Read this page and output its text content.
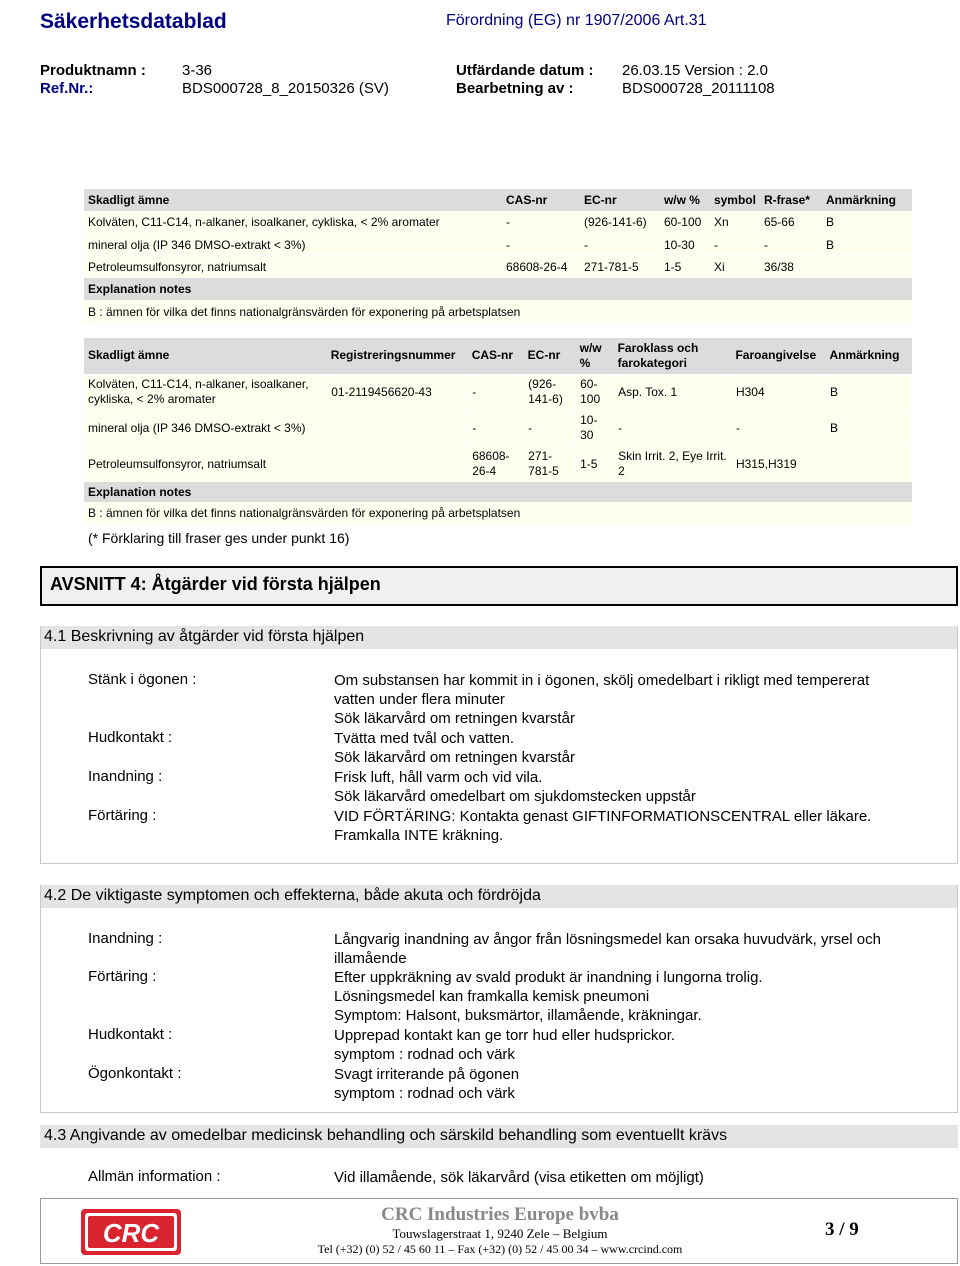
Säkerhetsdatablad	Förordning (EG) nr 1907/2006 Art.31
Produktnamn : 3-36	Utfärdande datum : 26.03.15 Version : 2.0
Ref.Nr.:	BDS000728_8_20150326 (SV)	Bearbetning av :	BDS000728_20111108
Skadligt ämne	CAS-nr	EC-nr	w/w %	symbol	R-frase*	Anmärkning
Kolväten, C11-C14, n-alkaner, isoalkaner, cykliska, < 2% aromater	-	(926-141-6)	60-100	Xn	65-66	B
mineral olja (IP 346 DMSO-extrakt < 3%)	-	-	10-30	-	-	B
Petroleumsulfonsyror, natriumsalt	68608-26-4	271-781-5	1-5	Xi	36/38	
Explanation notes						
B : ämnen för vilka det finns nationalgränsvärden för exponering på arbetsplatsen						
Skadligt ämne	Registreringsnummer	CAS-nr	EC-nr	w/w %	Faroklass och farokategori	Faroangivelse	Anmärkning
Kolväten, C11-C14, n-alkaner, isoalkaner, cykliska, < 2% aromater	01-2119456620-43	-	(926-141-6)	60-100	Asp. Tox. 1	H304	B
mineral olja (IP 346 DMSO-extrakt < 3%)		-	-	10-30	-	-	B
Petroleumsulfonsyror, natriumsalt		68608-26-4	271-781-5	1-5	Skin Irrit. 2, Eye Irrit. 2	H315,H319	
Explanation notes							
B : ämnen för vilka det finns nationalgränsvärden för exponering på arbetsplatsen							
(* Förklaring till fraser ges under punkt 16)
AVSNITT 4: Åtgärder vid första hjälpen
4.1 Beskrivning av åtgärder vid första hjälpen
Stänk i ögonen :	Om substansen har kommit in i ögonen, skölj omedelbart i rikligt med tempererat vatten under flera minuter
Sök läkarvård om retningen kvarstår
Hudkontakt :	Tvätta med tvål och vatten.
Sök läkarvård om retningen kvarstår
Inandning :	Frisk luft, håll varm och vid vila.
Sök läkarvård omedelbart om sjukdomstecken uppstår
Förtäring :	VID FÖRTÄRING: Kontakta genast GIFTINFORMATIONSCENTRAL eller läkare.
Framkalla INTE kräkning.
4.2 De viktigaste symptomen och effekterna, både akuta och fördröjda
Inandning :	Långvarig inandning av ångor från lösningsmedel kan orsaka huvudvärk, yrsel och illamående
Förtäring :	Efter uppkräkning av svald produkt är inandning i lungorna trolig.
Lösningsmedel kan framkalla kemisk pneumoni
Symptom: Halsont, buksmärtor, illamående, kräkningar.
Hudkontakt :	Upprepad kontakt kan ge torr hud eller hudsprickor.
symptom : rodnad och värk
Ögonkontakt :	Svagt irriterande på ögonen
symptom : rodnad och värk
4.3 Angivande av omedelbar medicinsk behandling och särskild behandling som eventuellt krävs
Allmän information :	Vid illamående, sök läkarvård (visa etiketten om möjligt)
CRC
CRC Industries Europe bvba
Touwslagerstraat 1, 9240 Zele – Belgium
Tel (+32) (0) 52 / 45 60 11 – Fax (+32) (0) 52 / 45 00 34 – www.crcind.com
3 / 9
